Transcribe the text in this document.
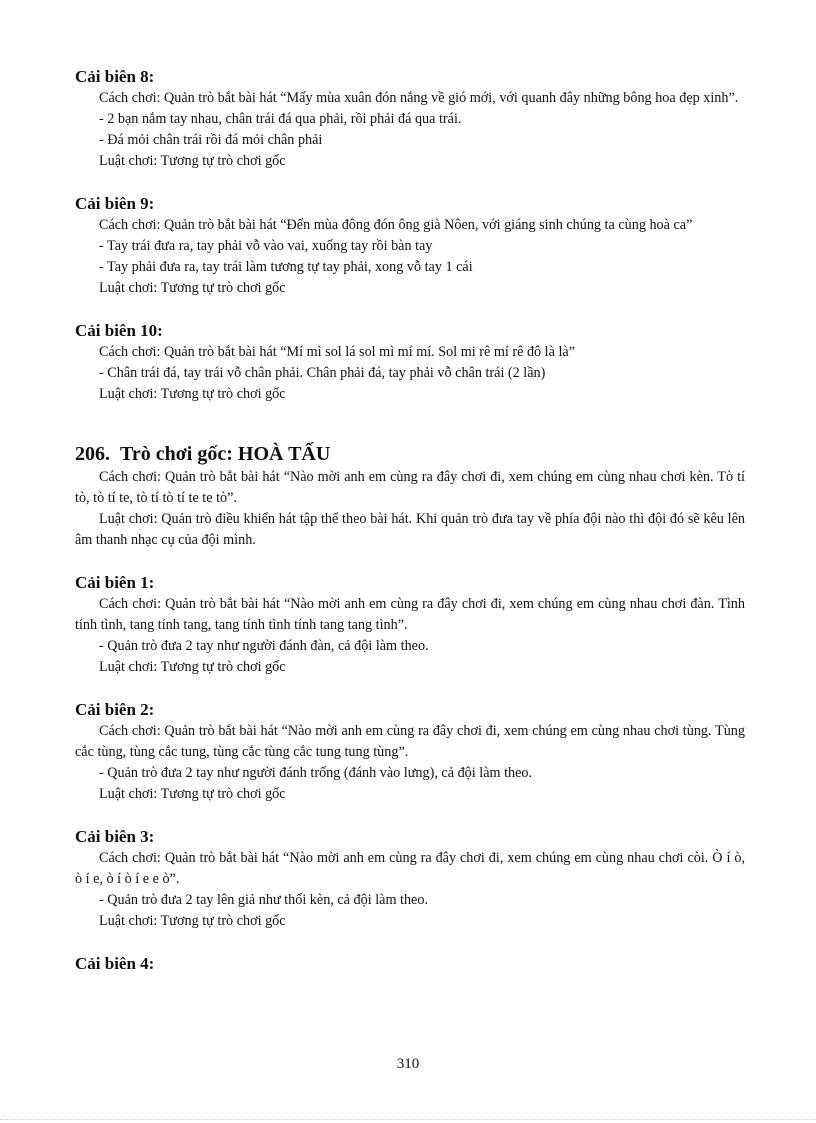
Cải biên 8:

Cách chơi: Quản trò bắt bài hát “Mấy mùa xuân đón nắng về gió mới, với quanh đây những bông hoa đẹp xinh”.

- 2 bạn nắm tay nhau, chân trái đá qua phải, rồi phải đá qua trái.

- Đá mỏi chân trái rồi đá mỏi chân phải

Luật chơi: Tương tự trò chơi gốc

Cải biên 9:

Cách chơi: Quản trò bắt bài hát “Đến mùa đông đón ông già Nôen, với giáng sinh chúng ta cùng hoà ca”

- Tay trái đưa ra, tay phải vỗ vào vai, xuống tay rồi bàn tay

- Tay phải đưa ra, tay trái làm tương tự tay phải, xong vỗ tay 1 cái

Luật chơi: Tương tự trò chơi gốc

Cải biên 10:

Cách chơi: Quản trò bắt bài hát “Mí mì sol lá sol mì mí mí. Sol mi rê mí rê đô là là”

- Chân trái đá, tay trái vỗ chân phải. Chân phải đá, tay phải vỗ chân trái (2 lần)

Luật chơi: Tương tự trò chơi gốc

206. Trò chơi gốc: HOÀ TẤU

Cách chơi: Quản trò bắt bài hát “Nào mời anh em cùng ra đây chơi đi, xem chúng em cùng nhau chơi kèn. Tò tí tò, tò tí te, tò tí tò tí te te tò”.

Luật chơi: Quản trò điều khiển hát tập thể theo bài hát. Khi quản trò đưa tay về phía đội nào thì đội đó sẽ kêu lên âm thanh nhạc cụ của đội mình.

Cải biên 1:

Cách chơi: Quản trò bắt bài hát “Nào mời anh em cùng ra đây chơi đi, xem chúng em cùng nhau chơi đàn. Tình tính tình, tang tính tang, tang tính tình tính tang tang tình”.

- Quản trò đưa 2 tay như người đánh đàn, cả đội làm theo.

Luật chơi: Tương tự trò chơi gốc

Cải biên 2:

Cách chơi: Quản trò bắt bài hát “Nào mời anh em cùng ra đây chơi đi, xem chúng em cùng nhau chơi tùng. Tùng cắc tùng, tùng cắc tung, tùng cắc tùng cắc tung tung tùng”.

- Quản trò đưa 2 tay như người đánh trống (đánh vào lưng), cả đội làm theo.

Luật chơi: Tương tự trò chơi gốc

Cải biên 3:

Cách chơi: Quản trò bắt bài hát “Nào mời anh em cùng ra đây chơi đi, xem chúng em cùng nhau chơi còi. Ò í ò, ò í e, ò í ò í e e ò”.

- Quản trò đưa 2 tay lên giả như thổi kèn, cả đội làm theo.

Luật chơi: Tương tự trò chơi gốc

Cải biên 4:

310
